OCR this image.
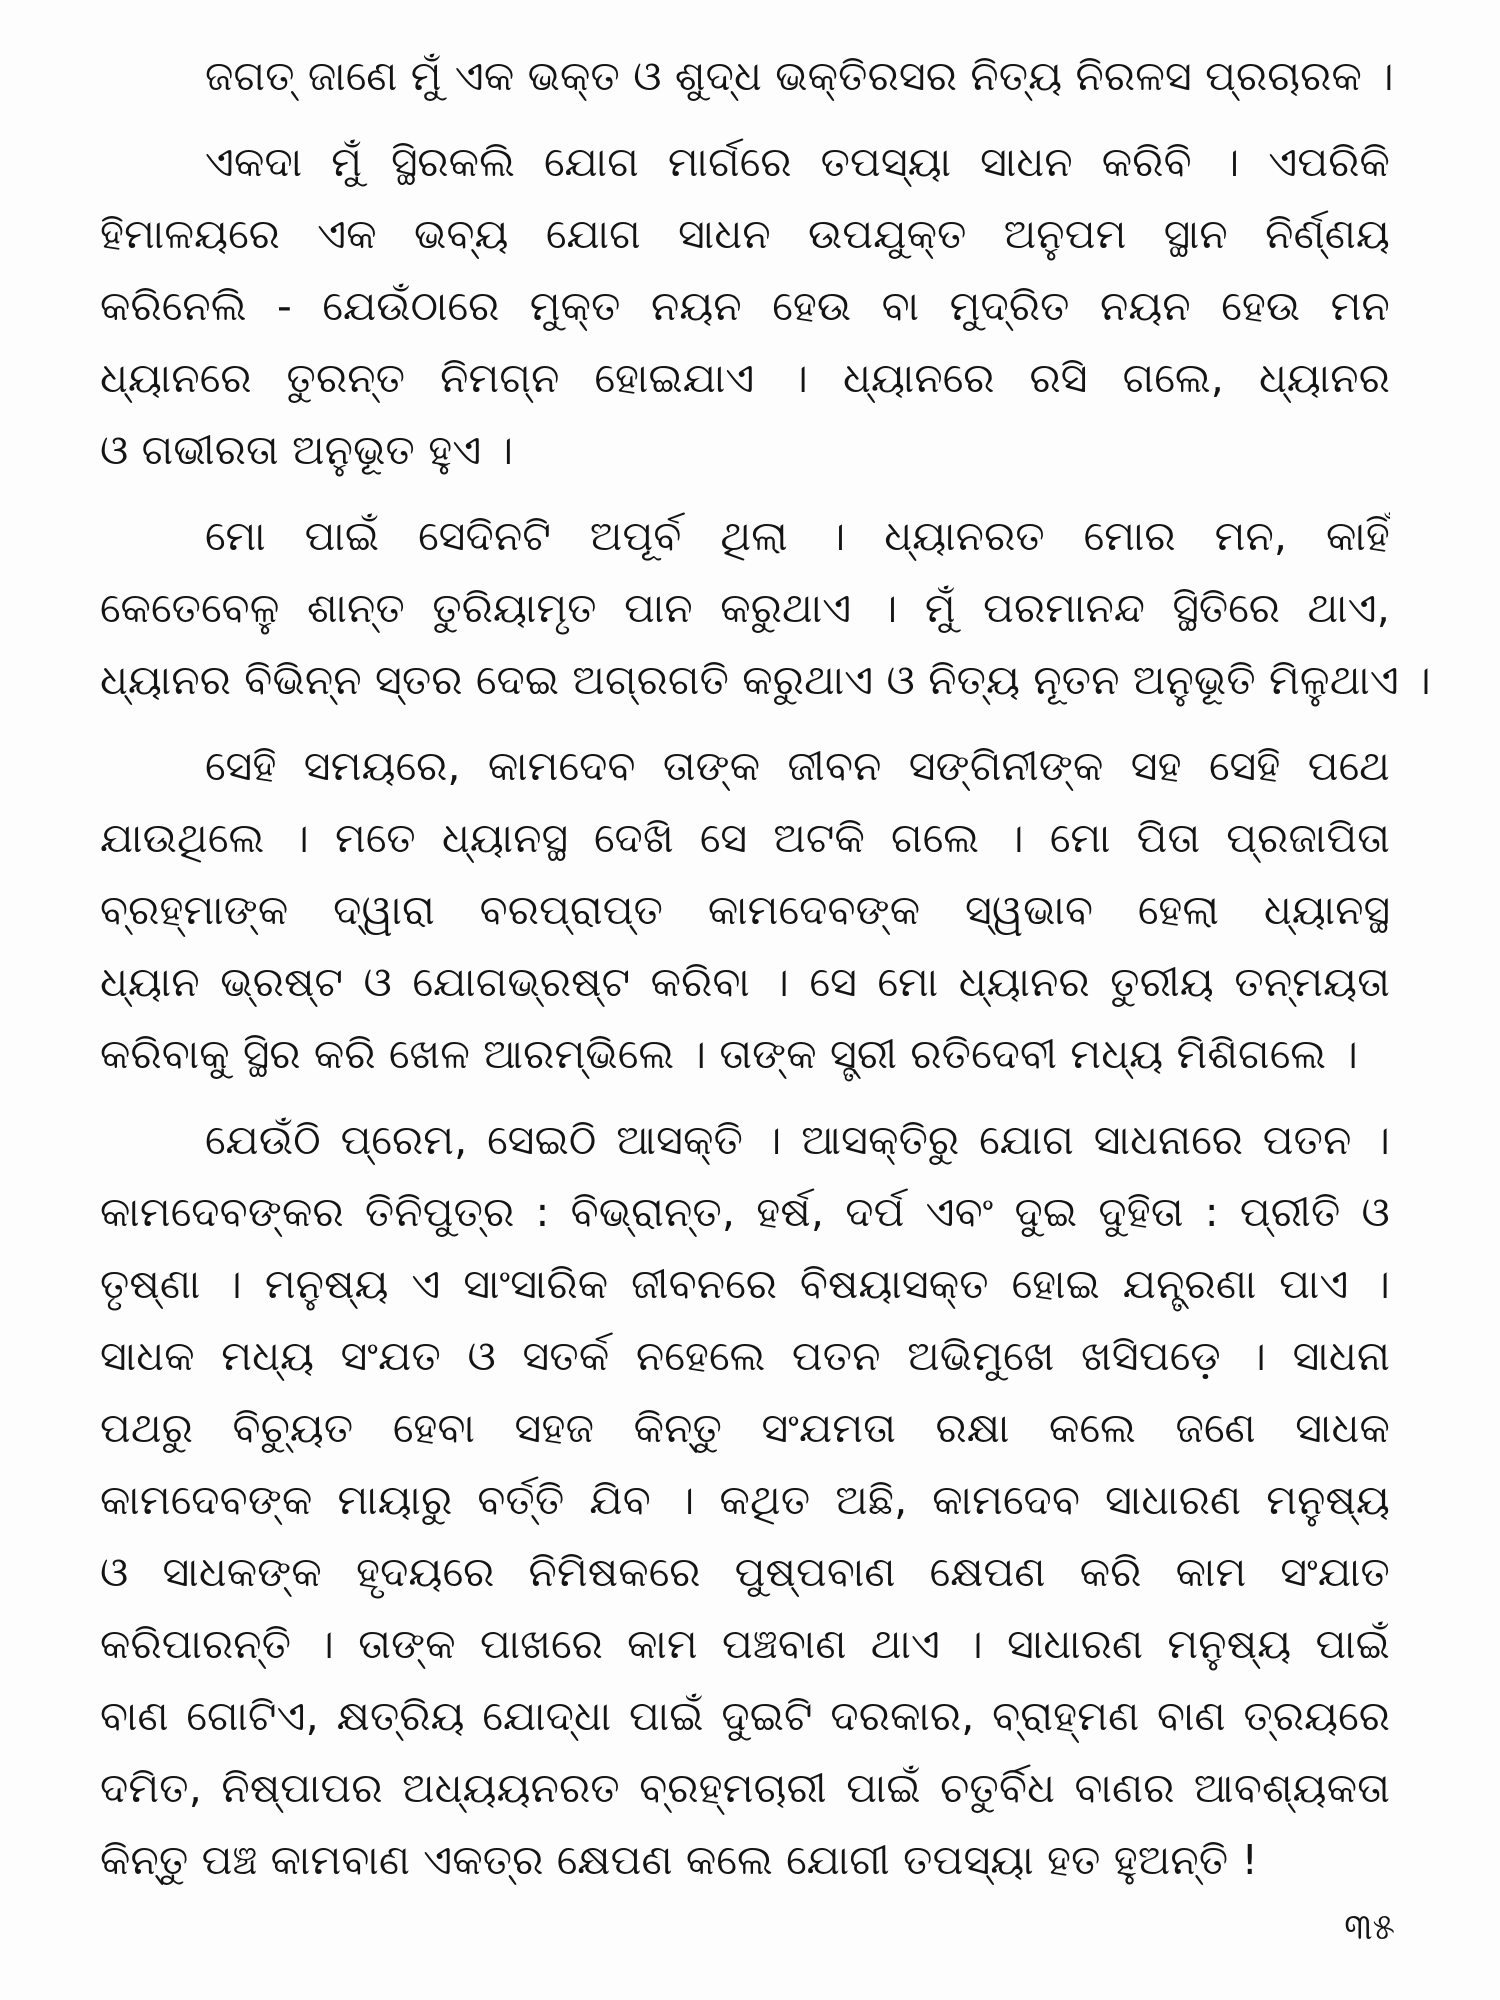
ଜଗତ୍ ଜାଣେ ମୁଁ ଏକ ଭକ୍ତ ଓ ଶୁଦ୍ଧ ଭକ୍ତିରସର ନିତ୍ୟ ନିରଳସ ପ୍ରଚାରକ ।
ଏକଦା ମୁଁ ସ୍ଥିରକଲି ଯୋଗ ମାର୍ଗରେ ତପସ୍ୟା ସାଧନ କରିବି । ଏପରିକି
ହିମାଳୟରେ ଏକ ଭବ୍ୟ ଯୋଗ ସାଧନ ଉପଯୁକ୍ତ ଅନୁପମ ସ୍ଥାନ ନିର୍ଣ୍ଣୟ
କରିନେଲି - ଯେଉଁଠାରେ ମୁକ୍ତ ନୟନ ହେଉ ବା ମୁଦ୍ରିତ ନୟନ ହେଉ ମନ
ଧ୍ୟାନରେ ତୁରନ୍ତ ନିମଗ୍ନ ହୋଇଯାଏ । ଧ୍ୟାନରେ ରସି ଗଲେ, ଧ୍ୟାନର
ଓ ଗଭୀରତା ଅନୁଭୂତ ହୁଏ ।
ମୋ ପାଇଁ ସେଦିନଟି ଅପୂର୍ବ ଥିଲା । ଧ୍ୟାନରତ ମୋର ମନ, କାହିଁ
କେତେବେଳୁ ଶାନ୍ତ ତୁରିୟାମୃତ ପାନ କରୁଥାଏ । ମୁଁ ପରମାନନ୍ଦ ସ୍ଥିତିରେ ଥାଏ,
ଧ୍ୟାନର ବିଭିନ୍ନ ସ୍ତର ଦେଇ ଅଗ୍ରଗତି କରୁଥାଏ ଓ ନିତ୍ୟ ନୂତନ ଅନୁଭୂତି ମିଳୁଥାଏ ।
ସେହି ସମୟରେ, କାମଦେବ ତାଙ୍କ ଜୀବନ ସଙ୍ଗିନୀଙ୍କ ସହ ସେହି ପଥେ
ଯାଉଥିଲେ । ମତେ ଧ୍ୟାନସ୍ଥ ଦେଖି ସେ ଅଟକି ଗଲେ । ମୋ ପିତା ପ୍ରଜାପିତା
ବ୍ରହ୍ମାଙ୍କ ଦ୍ୱାରା ବରପ୍ରାପ୍ତ କାମଦେବଙ୍କ ସ୍ୱଭାବ ହେଲା ଧ୍ୟାନସ୍ଥ
ଧ୍ୟାନ ଭ୍ରଷ୍ଟ ଓ ଯୋଗଭ୍ରଷ୍ଟ କରିବା । ସେ ମୋ ଧ୍ୟାନର ତୁରୀୟ ତନ୍ମୟତା
କରିବାକୁ ସ୍ଥିର କରି ଖେଳ ଆରମ୍ଭିଲେ । ତାଙ୍କ ସ୍ତ୍ରୀ ରତିଦେବୀ ମଧ୍ୟ ମିଶିଗଲେ ।
ଯେଉଁଠି ପ୍ରେମ, ସେଇଠି ଆସକ୍ତି । ଆସକ୍ତିରୁ ଯୋଗ ସାଧନାରେ ପତନ ।
କାମଦେବଙ୍କର ତିନିପୁତ୍ର : ବିଭ୍ରାନ୍ତ, ହର୍ଷ, ଦର୍ପ ଏବଂ ଦୁଇ ଦୁହିତା : ପ୍ରୀତି ଓ
ତୃଷ୍ଣା । ମନୁଷ୍ୟ ଏ ସାଂସାରିକ ଜୀବନରେ ବିଷୟାସକ୍ତ ହୋଇ ଯନ୍ତ୍ରଣା ପାଏ ।
ସାଧକ ମଧ୍ୟ ସଂଯତ ଓ ସତର୍କ ନହେଲେ ପତନ ଅଭିମୁଖେ ଖସିପଡ଼େ । ସାଧନା
ପଥରୁ ବିଚ୍ୟୁତ ହେବା ସହଜ କିନ୍ତୁ ସଂଯମତା ରକ୍ଷା କଲେ ଜଣେ ସାଧକ
କାମଦେବଙ୍କ ମାୟାରୁ ବର୍ତ୍ତି ଯିବ । କଥିତ ଅଛି, କାମଦେବ ସାଧାରଣ ମନୁଷ୍ୟ
ଓ ସାଧକଙ୍କ ହୃଦୟରେ ନିମିଷକରେ ପୁଷ୍ପବାଣ କ୍ଷେପଣ କରି କାମ ସଂଯାତ
କରିପାରନ୍ତି । ତାଙ୍କ ପାଖରେ କାମ ପଞ୍ଚବାଣ ଥାଏ । ସାଧାରଣ ମନୁଷ୍ୟ ପାଇଁ
ବାଣ ଗୋଟିଏ, କ୍ଷତ୍ରିୟ ଯୋଦ୍ଧା ପାଇଁ ଦୁଇଟି ଦରକାର, ବ୍ରାହ୍ମଣ ବାଣ ତ୍ରୟରେ
ଦମିତ, ନିଷ୍ପାପର ଅଧ୍ୟୟନରତ ବ୍ରହ୍ମଚାରୀ ପାଇଁ ଚତୁର୍ବିଧ ବାଣର ଆବଶ୍ୟକତା
କିନ୍ତୁ ପଞ୍ଚ କାମବାଣ ଏକତ୍ର କ୍ଷେପଣ କଲେ ଯୋଗୀ ତପସ୍ୟା ହତ ହୁଅନ୍ତି !
୩୫
